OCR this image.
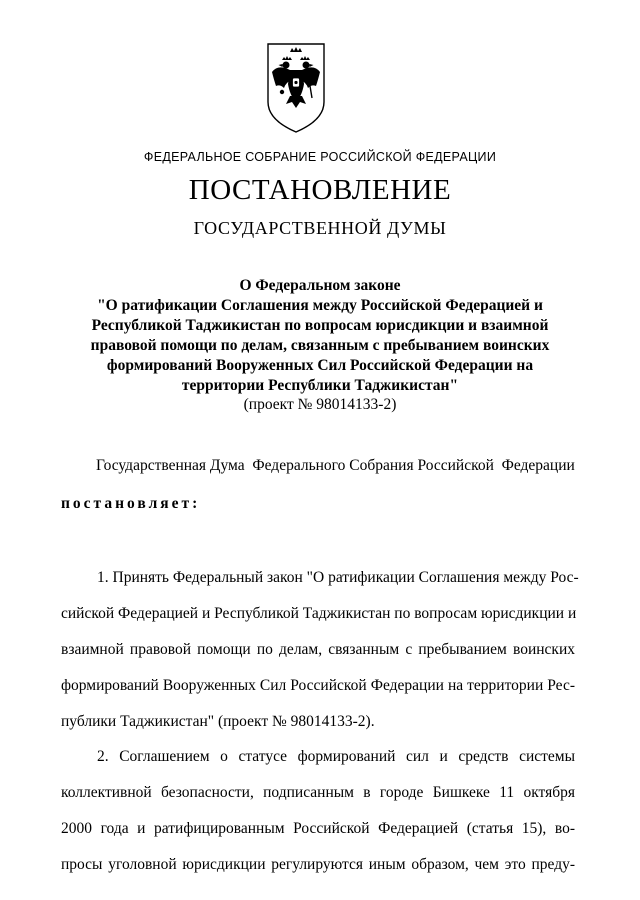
ФЕДЕРАЛЬНОЕ СОБРАНИЕ РОССИЙСКОЙ ФЕДЕРАЦИИ
ПОСТАНОВЛЕНИЕ
ГОСУДАРСТВЕННОЙ ДУМЫ
О Федеральном законе
"О ратификации Соглашения между Российской Федерацией и
Республикой Таджикистан по вопросам юрисдикции и взаимной
правовой помощи по делам, связанным с пребыванием воинских
формирований Вооруженных Сил Российской Федерации на
территории Республики Таджикистан"
(проект № 98014133-2)
Государственная Дума  Федерального Собрания Российской  Федерации
постановляет:
1. Принять Федеральный закон "О ратификации Соглашения между Рос-
сийской Федерацией и Республикой Таджикистан по вопросам юрисдикции и
взаимной правовой помощи по делам, связанным с пребыванием воинских
формирований Вооруженных Сил Российской Федерации на территории Рес-
публики Таджикистан" (проект № 98014133-2).
2. Соглашением о статусе формирований сил и средств системы
коллективной безопасности, подписанным в городе Бишкеке 11 октября
2000 года и ратифицированным Российской Федерацией (статья 15), во-
просы уголовной юрисдикции регулируются иным образом, чем это преду-
